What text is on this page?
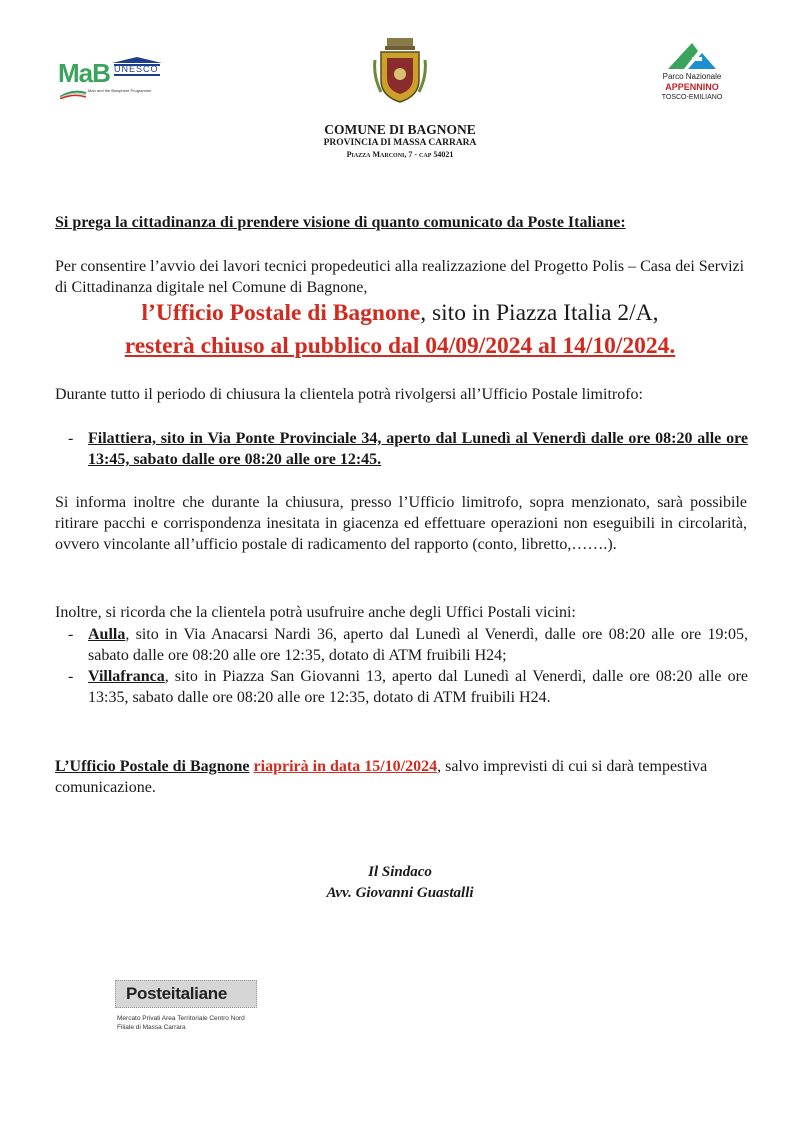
MaB UNESCO
Man and the Biosphere Programme
Parco Nazionale
APPENNINO
TOSCO-EMILIANO
COMUNE DI BAGNONE
PROVINCIA DI MASSA CARRARA
Piazza Marconi, 7 - cap 54021
Si prega la cittadinanza di prendere visione di quanto comunicato da Poste Italiane:
Per consentire l’avvio dei lavori tecnici propedeutici alla realizzazione del Progetto Polis – Casa dei Servizi di Cittadinanza digitale nel Comune di Bagnone,
l’Ufficio Postale di Bagnone, sito in Piazza Italia 2/A,
resterà chiuso al pubblico dal 04/09/2024 al 14/10/2024.
Durante tutto il periodo di chiusura la clientela potrà rivolgersi all’Ufficio Postale limitrofo:
- Filattiera, sito in Via Ponte Provinciale 34, aperto dal Lunedì al Venerdì dalle ore 08:20 alle ore 13:45, sabato dalle ore 08:20 alle ore 12:45.
Si informa inoltre che durante la chiusura, presso l’Ufficio limitrofo, sopra menzionato, sarà possibile ritirare pacchi e corrispondenza inesitata in giacenza ed effettuare operazioni non eseguibili in circolarità, ovvero vincolante all’ufficio postale di radicamento del rapporto (conto, libretto,…….).
Inoltre, si ricorda che la clientela potrà usufruire anche degli Uffici Postali vicini:
- Aulla, sito in Via Anacarsi Nardi 36, aperto dal Lunedì al Venerdì, dalle ore 08:20 alle ore 19:05, sabato dalle ore 08:20 alle ore 12:35, dotato di ATM fruibili H24;
- Villafranca, sito in Piazza San Giovanni 13, aperto dal Lunedì al Venerdì, dalle ore 08:20 alle ore 13:35, sabato dalle ore 08:20 alle ore 12:35, dotato di ATM fruibili H24.
L’Ufficio Postale di Bagnone riaprirà in data 15/10/2024, salvo imprevisti di cui si darà tempestiva comunicazione.
Il Sindaco
Avv. Giovanni Guastalli
Posteitaliane
Mercato Privati Area Territoriale Centro Nord
Filiale di Massa Carrara
